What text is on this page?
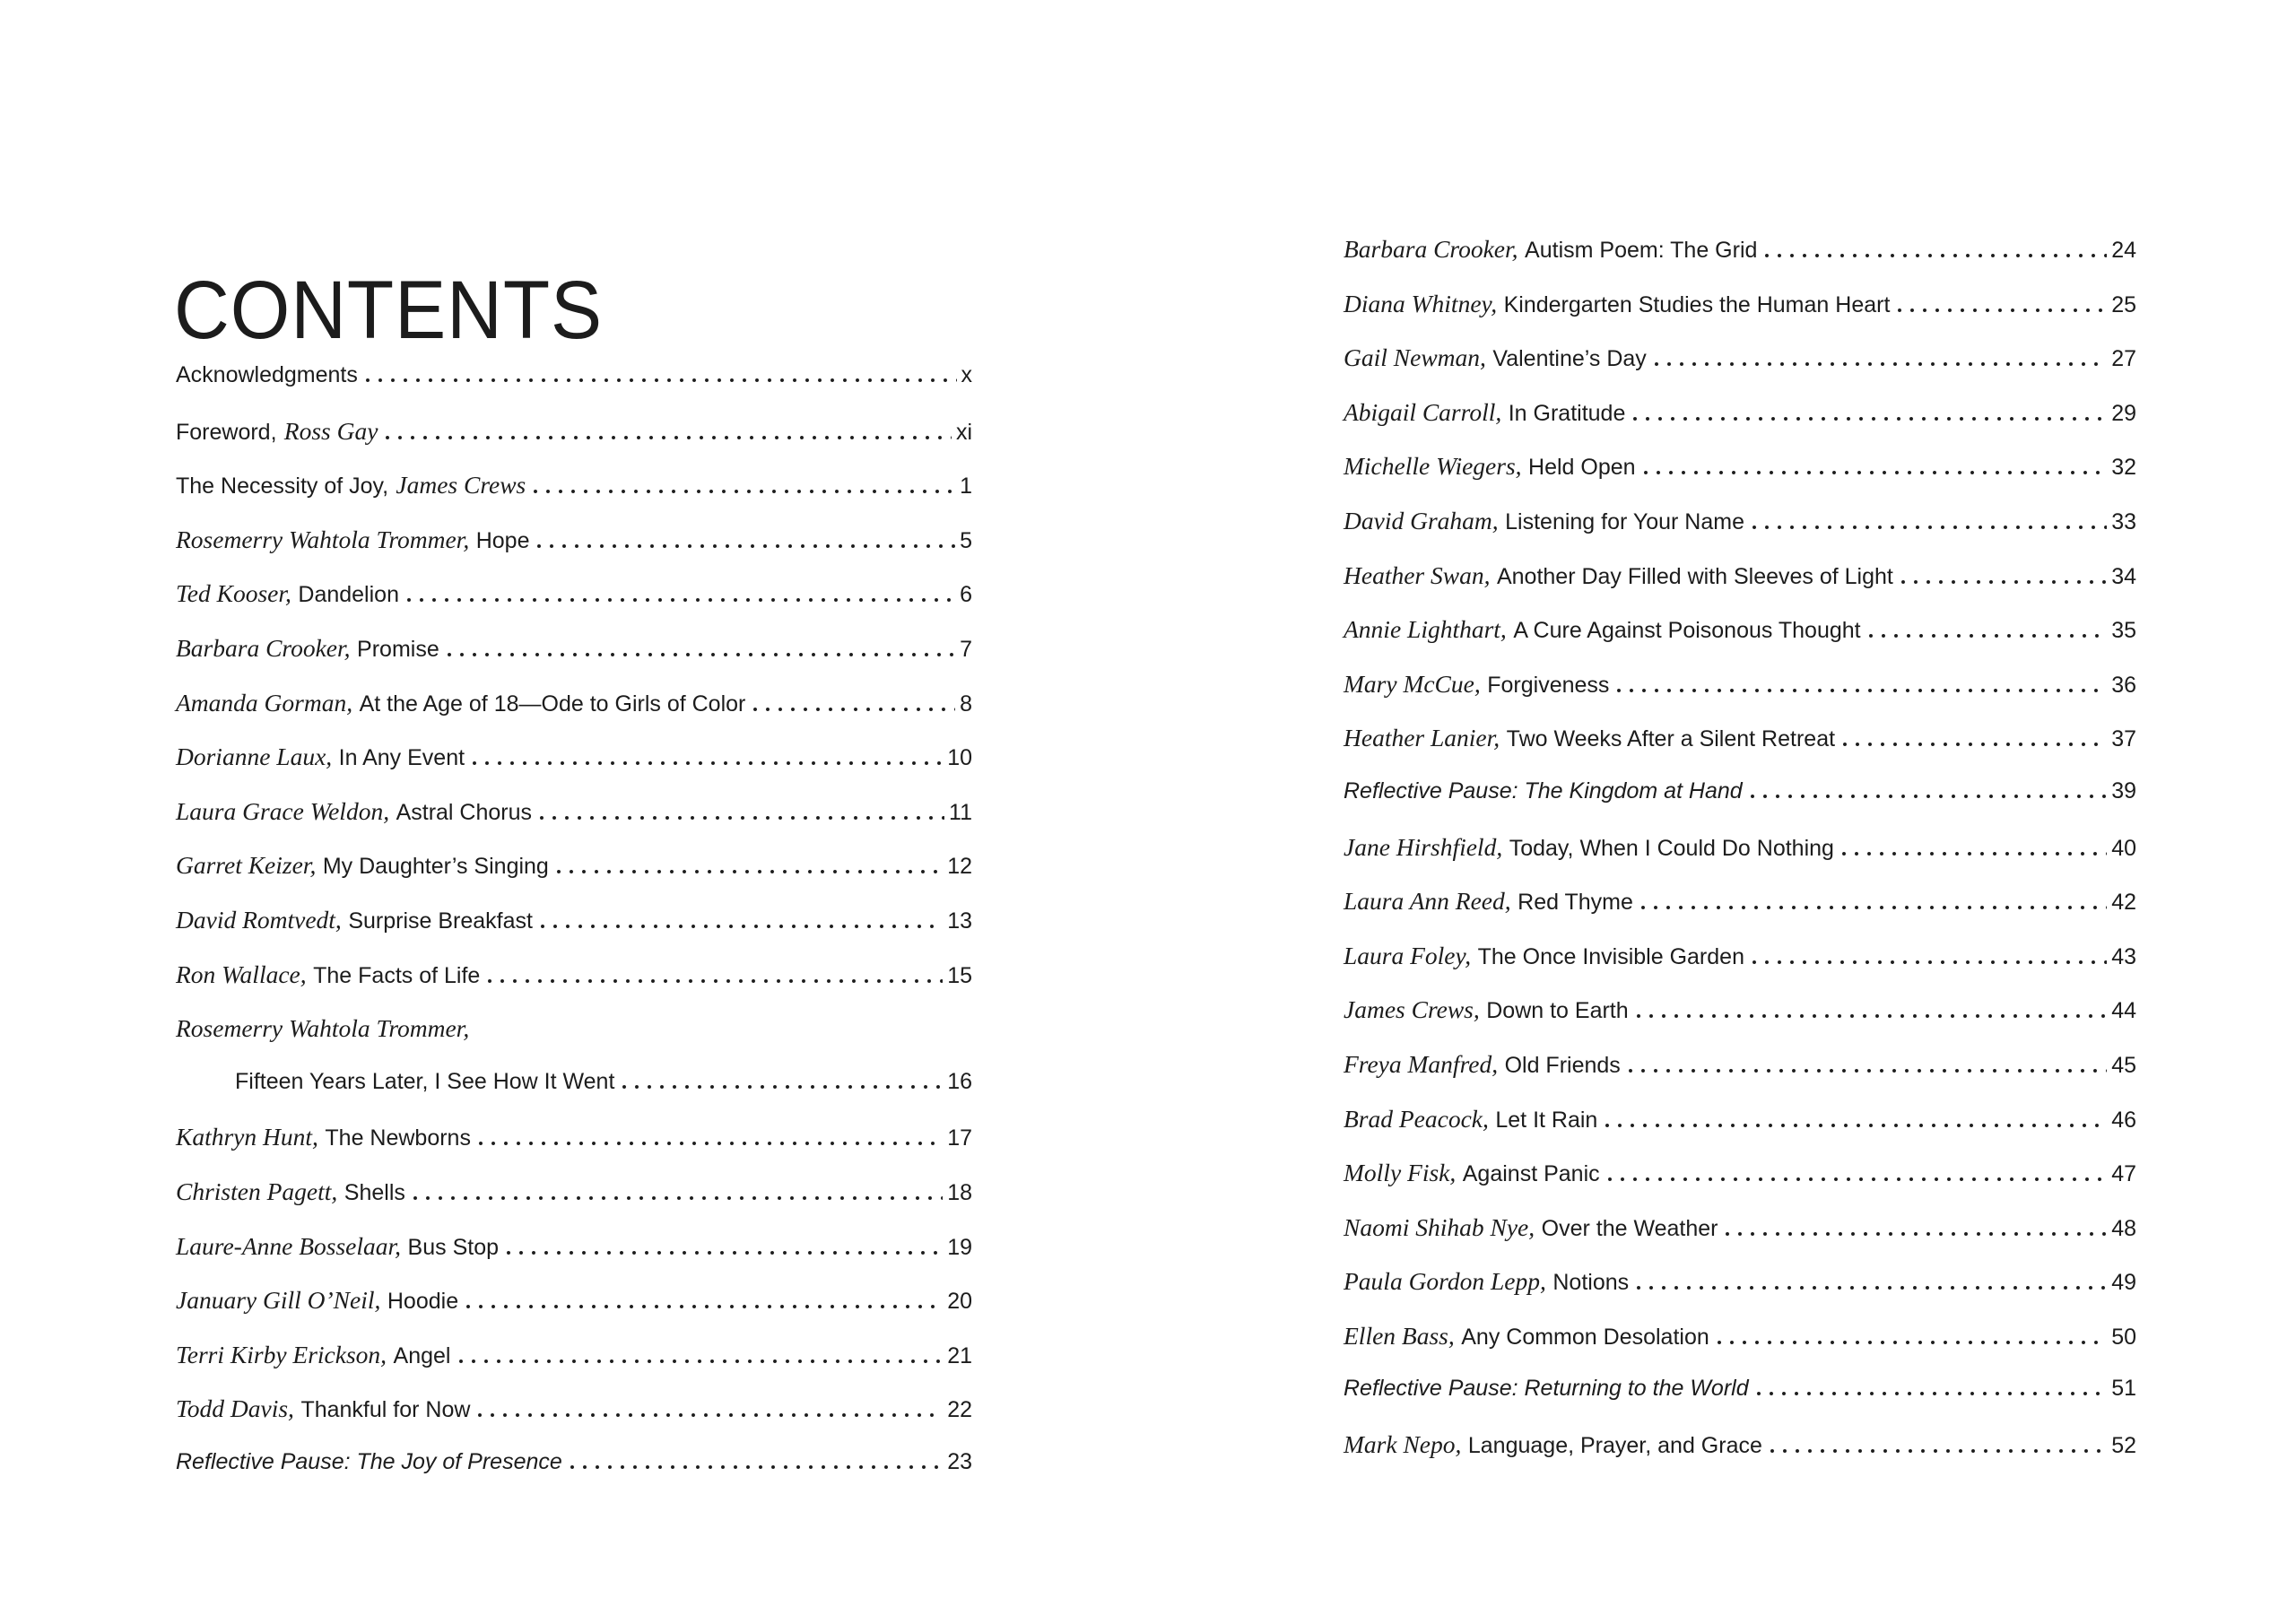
CONTENTS
Acknowledgments	x
Foreword, Ross Gay	xi
The Necessity of Joy, James Crews	1
Rosemerry Wahtola Trommer, Hope	5
Ted Kooser, Dandelion	6
Barbara Crooker, Promise	7
Amanda Gorman, At the Age of 18—Ode to Girls of Color	8
Dorianne Laux, In Any Event	10
Laura Grace Weldon, Astral Chorus	11
Garret Keizer, My Daughter’s Singing	12
David Romtvedt, Surprise Breakfast	13
Ron Wallace, The Facts of Life	15
Rosemerry Wahtola Trommer,
Fifteen Years Later, I See How It Went	16
Kathryn Hunt, The Newborns	17
Christen Pagett, Shells	18
Laure-Anne Bosselaar, Bus Stop	19
January Gill O’Neil, Hoodie	20
Terri Kirby Erickson, Angel	21
Todd Davis, Thankful for Now	22
Reflective Pause: The Joy of Presence	23
Barbara Crooker, Autism Poem: The Grid	24
Diana Whitney, Kindergarten Studies the Human Heart	25
Gail Newman, Valentine’s Day	27
Abigail Carroll, In Gratitude	29
Michelle Wiegers, Held Open	32
David Graham, Listening for Your Name	33
Heather Swan, Another Day Filled with Sleeves of Light	34
Annie Lighthart, A Cure Against Poisonous Thought	35
Mary McCue, Forgiveness	36
Heather Lanier, Two Weeks After a Silent Retreat	37
Reflective Pause: The Kingdom at Hand	39
Jane Hirshfield, Today, When I Could Do Nothing	40
Laura Ann Reed, Red Thyme	42
Laura Foley, The Once Invisible Garden	43
James Crews, Down to Earth	44
Freya Manfred, Old Friends	45
Brad Peacock, Let It Rain	46
Molly Fisk, Against Panic	47
Naomi Shihab Nye, Over the Weather	48
Paula Gordon Lepp, Notions	49
Ellen Bass, Any Common Desolation	50
Reflective Pause: Returning to the World	51
Mark Nepo, Language, Prayer, and Grace	52
